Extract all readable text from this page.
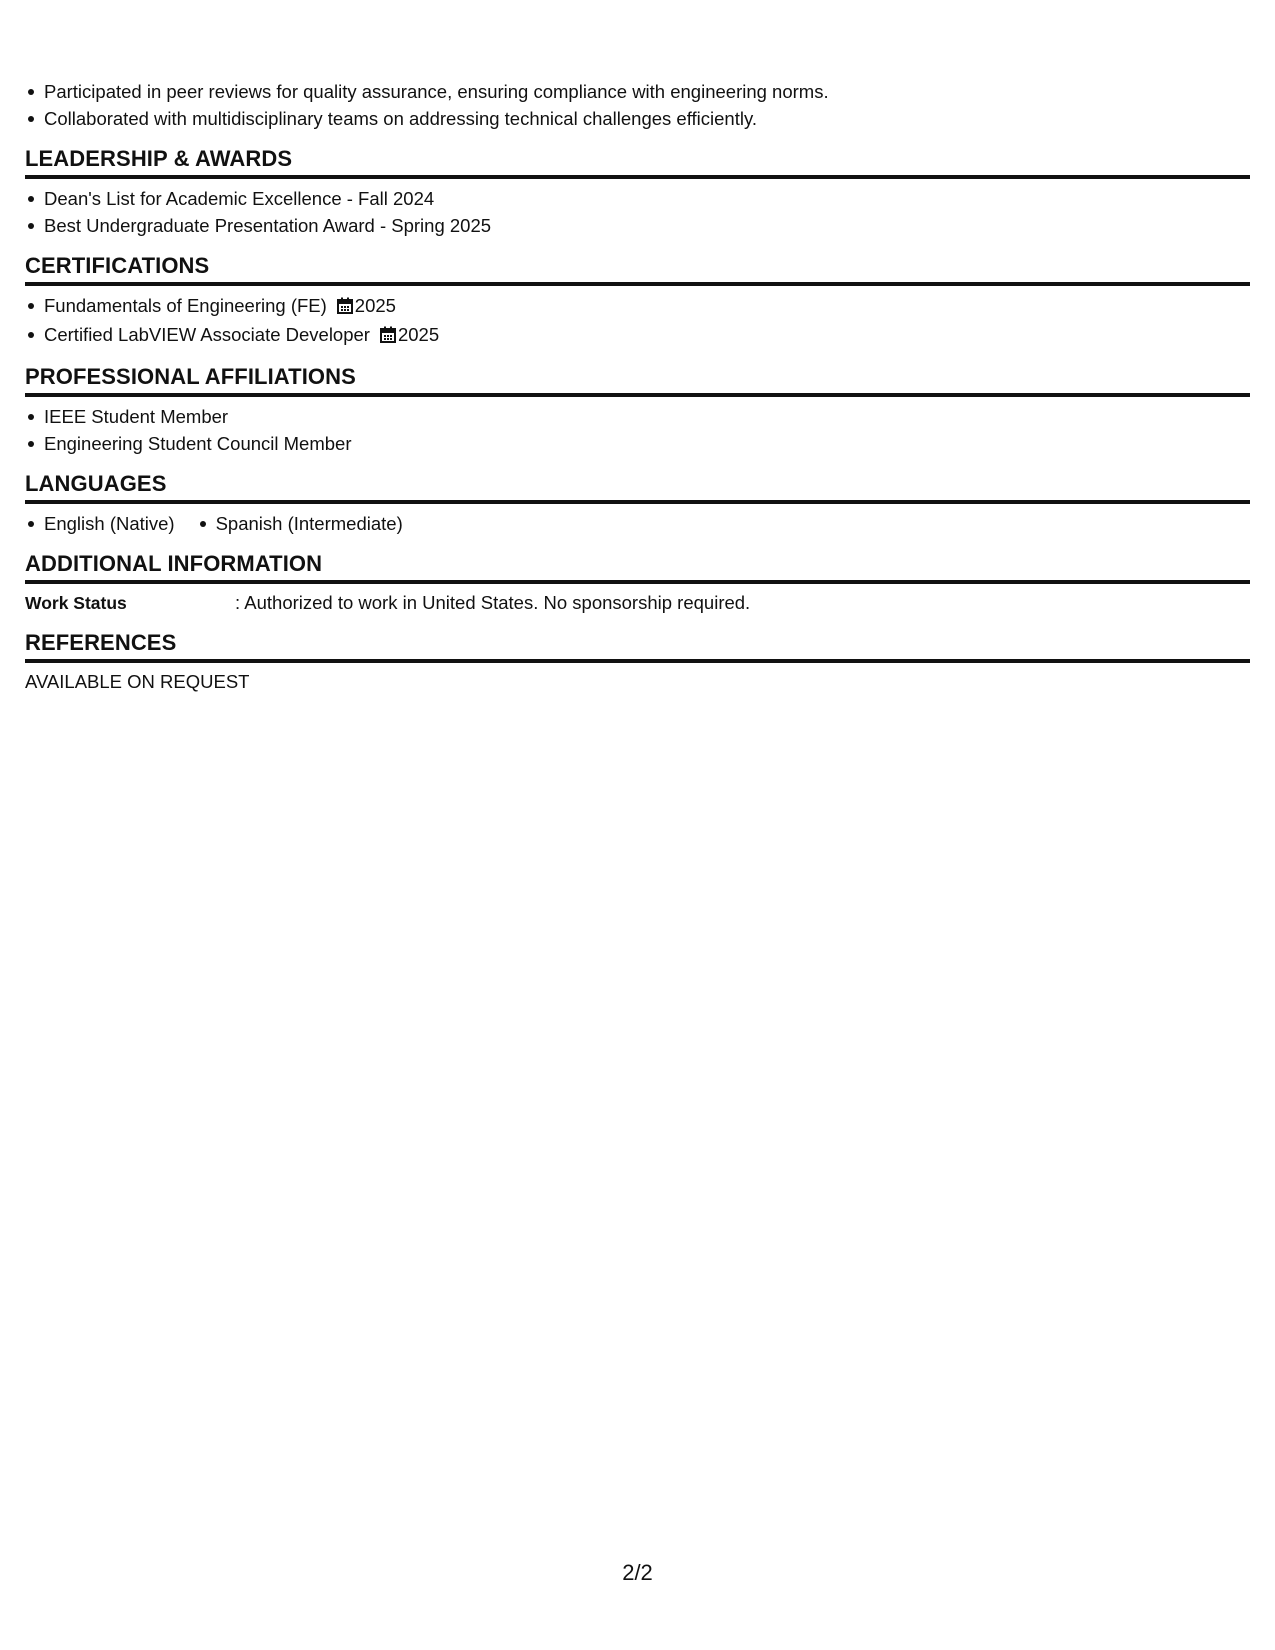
Participated in peer reviews for quality assurance, ensuring compliance with engineering norms.
Collaborated with multidisciplinary teams on addressing technical challenges efficiently.
LEADERSHIP & AWARDS
Dean's List for Academic Excellence - Fall 2024
Best Undergraduate Presentation Award - Spring 2025
CERTIFICATIONS
Fundamentals of Engineering (FE) 2025
Certified LabVIEW Associate Developer 2025
PROFESSIONAL AFFILIATIONS
IEEE Student Member
Engineering Student Council Member
LANGUAGES
English (Native)	Spanish (Intermediate)
ADDITIONAL INFORMATION
Work Status	: Authorized to work in United States. No sponsorship required.
REFERENCES
AVAILABLE ON REQUEST
2/2
